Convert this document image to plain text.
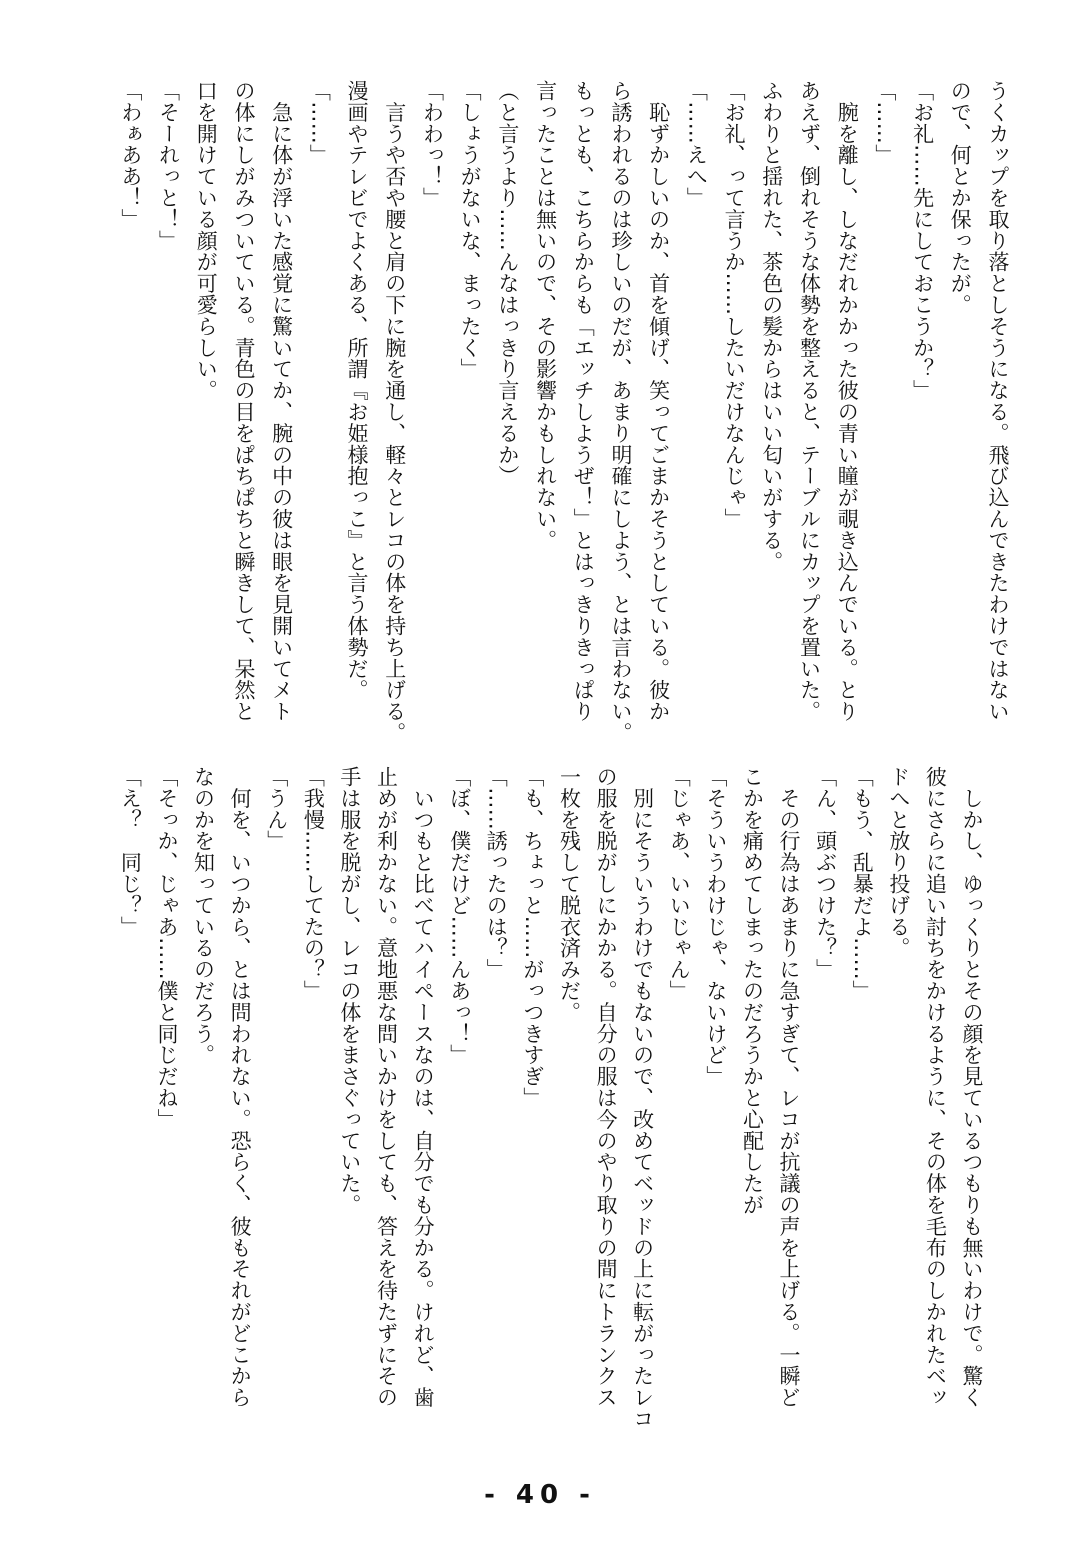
うくカップを取り落としそうになる。飛び込んできたわけではない
ので、何とか保ったが。
「お礼……先にしておこうか？」
「……」
　腕を離し、しなだれかかった彼の青い瞳が覗き込んでいる。とり
あえず、倒れそうな体勢を整えると、テーブルにカップを置いた。
ふわりと揺れた、茶色の髪からはいい匂いがする。
「お礼、って言うか……したいだけなんじゃ」
「……えへ」
　恥ずかしいのか、首を傾げ、笑ってごまかそうとしている。彼か
ら誘われるのは珍しいのだが、あまり明確にしよう、とは言わない。
もっとも、こちらからも「エッチしようぜ！」とはっきりきっぱり
言ったことは無いので、その影響かもしれない。
（と言うより……んなはっきり言えるか）
「しょうがないな、まったく」
「わわっ！」
　言うや否や腰と肩の下に腕を通し、軽々とレコの体を持ち上げる。
漫画やテレビでよくある、所謂『お姫様抱っこ』と言う体勢だ。
「……」
　急に体が浮いた感覚に驚いてか、腕の中の彼は眼を見開いてメト
の体にしがみついている。青色の目をぱちぱちと瞬きして、呆然と
口を開けている顔が可愛らしい。
「そーれっと！」
「わぁああ！」
　しかし、ゆっくりとその顔を見ているつもりも無いわけで。驚く
彼にさらに追い討ちをかけるように、その体を毛布のしかれたベッ
ドへと放り投げる。
「もう、乱暴だよ……」
「ん、頭ぶつけた？」
　その行為はあまりに急すぎて、レコが抗議の声を上げる。一瞬ど
こかを痛めてしまったのだろうかと心配したが
「そういうわけじゃ、ないけど」
「じゃあ、いいじゃん」
　別にそういうわけでもないので、改めてベッドの上に転がったレコ
の服を脱がしにかかる。自分の服は今のやり取りの間にトランクス
一枚を残して脱衣済みだ。
「も、ちょっと……がっつきすぎ」
「……誘ったのは？」
「ぼ、僕だけど……んあっ！」
　いつもと比べてハイペースなのは、自分でも分かる。けれど、歯
止めが利かない。意地悪な問いかけをしても、答えを待たずにその
手は服を脱がし、レコの体をまさぐっていた。
「我慢……してたの？」
「うん」
　何を、いつから、とは問われない。恐らく、彼もそれがどこから
なのかを知っているのだろう。
「そっか、じゃあ……僕と同じだね」
「え？　同じ？」
- 40 -
